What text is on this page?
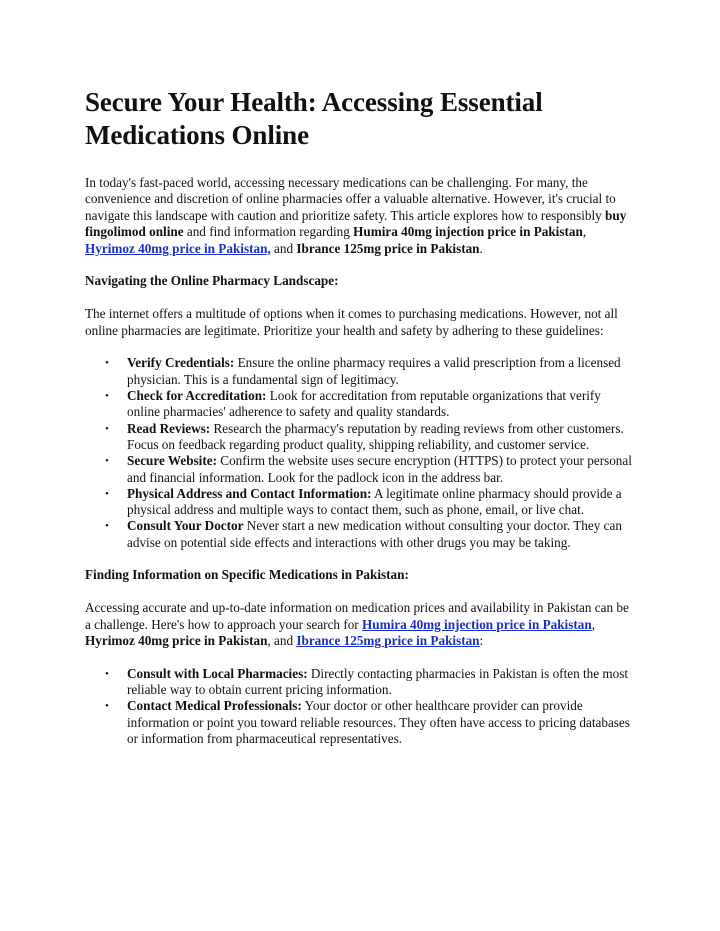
Secure Your Health: Accessing Essential Medications Online

In today's fast-paced world, accessing necessary medications can be challenging. For many, the convenience and discretion of online pharmacies offer a valuable alternative. However, it's crucial to navigate this landscape with caution and prioritize safety. This article explores how to responsibly buy fingolimod online and find information regarding Humira 40mg injection price in Pakistan, Hyrimoz 40mg price in Pakistan, and Ibrance 125mg price in Pakistan.

Navigating the Online Pharmacy Landscape:

The internet offers a multitude of options when it comes to purchasing medications. However, not all online pharmacies are legitimate. Prioritize your health and safety by adhering to these guidelines:

• Verify Credentials: Ensure the online pharmacy requires a valid prescription from a licensed physician. This is a fundamental sign of legitimacy.
• Check for Accreditation: Look for accreditation from reputable organizations that verify online pharmacies' adherence to safety and quality standards.
• Read Reviews: Research the pharmacy's reputation by reading reviews from other customers. Focus on feedback regarding product quality, shipping reliability, and customer service.
• Secure Website: Confirm the website uses secure encryption (HTTPS) to protect your personal and financial information. Look for the padlock icon in the address bar.
• Physical Address and Contact Information: A legitimate online pharmacy should provide a physical address and multiple ways to contact them, such as phone, email, or live chat.
• Consult Your Doctor Never start a new medication without consulting your doctor. They can advise on potential side effects and interactions with other drugs you may be taking.

Finding Information on Specific Medications in Pakistan:

Accessing accurate and up-to-date information on medication prices and availability in Pakistan can be a challenge. Here's how to approach your search for Humira 40mg injection price in Pakistan, Hyrimoz 40mg price in Pakistan, and Ibrance 125mg price in Pakistan:

• Consult with Local Pharmacies: Directly contacting pharmacies in Pakistan is often the most reliable way to obtain current pricing information.
• Contact Medical Professionals: Your doctor or other healthcare provider can provide information or point you toward reliable resources. They often have access to pricing databases or information from pharmaceutical representatives.
